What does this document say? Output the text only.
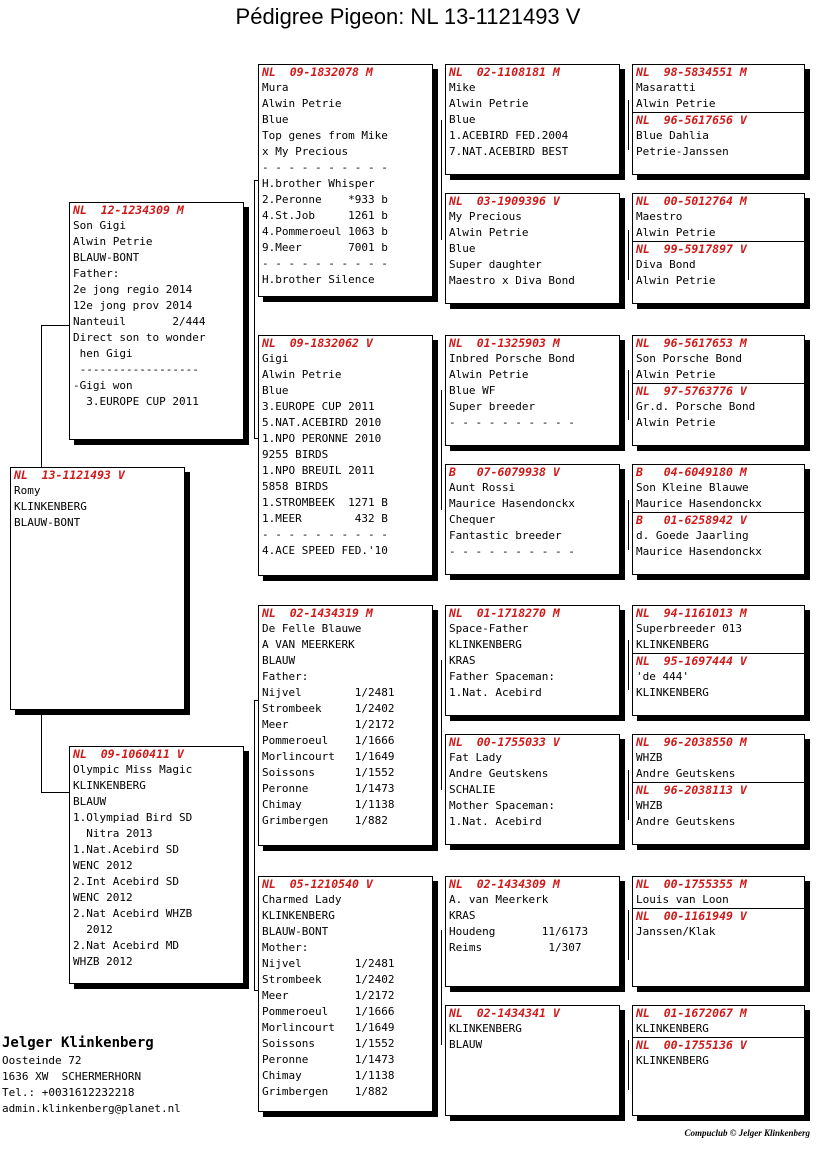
Pédigree Pigeon: NL 13-1121493 V
NL  13-1121493 V
Romy
KLINKENBERG
BLAUW-BONT
NL  12-1234309 M
Son Gigi
Alwin Petrie
BLAUW-BONT
Father:
2e jong regio 2014
12e jong prov 2014
Nanteuil       2/444
Direct son to wonder
hen Gigi
------------------
-Gigi won
3.EUROPE CUP 2011
NL  09-1060411 V
Olympic Miss Magic
KLINKENBERG
BLAUW
1.Olympiad Bird SD
Nitra 2013
1.Nat.Acebird SD
WENC 2012
2.Int Acebird SD
WENC 2012
2.Nat Acebird WHZB
2012
2.Nat Acebird MD
WHZB 2012
NL  09-1832078 M
Mura
Alwin Petrie
Blue
Top genes from Mike
x My Precious
- - - - - - - - - -
H.brother Whisper
2.Peronne    *933 b
4.St.Job     1261 b
4.Pommeroeul 1063 b
9.Meer       7001 b
- - - - - - - - - -
H.brother Silence
NL  09-1832062 V
Gigi
Alwin Petrie
Blue
3.EUROPE CUP 2011
5.NAT.ACEBIRD 2010
1.NPO PERONNE 2010
9255 BIRDS
1.NPO BREUIL 2011
5858 BIRDS
1.STROMBEEK  1271 B
1.MEER        432 B
- - - - - - - - - -
4.ACE SPEED FED.'10
NL  02-1434319 M
De Felle Blauwe
A VAN MEERKERK
BLAUW
Father:
Nijvel        1/2481
Strombeek     1/2402
Meer          1/2172
Pommeroeul    1/1666
Morlincourt   1/1649
Soissons      1/1552
Peronne       1/1473
Chimay        1/1138
Grimbergen    1/882
NL  05-1210540 V
Charmed Lady
KLINKENBERG
BLAUW-BONT
Mother:
Nijvel        1/2481
Strombeek     1/2402
Meer          1/2172
Pommeroeul    1/1666
Morlincourt   1/1649
Soissons      1/1552
Peronne       1/1473
Chimay        1/1138
Grimbergen    1/882
NL  02-1108181 M
Mike
Alwin Petrie
Blue
1.ACEBIRD FED.2004
7.NAT.ACEBIRD BEST
NL  03-1909396 V
My Precious
Alwin Petrie
Blue
Super daughter
Maestro x Diva Bond
NL  01-1325903 M
Inbred Porsche Bond
Alwin Petrie
Blue WF
Super breeder
- - - - - - - - - -
B   07-6079938 V
Aunt Rossi
Maurice Hasendonckx
Chequer
Fantastic breeder
- - - - - - - - - -
NL  01-1718270 M
Space-Father
KLINKENBERG
KRAS
Father Spaceman:
1.Nat. Acebird
NL  00-1755033 V
Fat Lady
Andre Geutskens
SCHALIE
Mother Spaceman:
1.Nat. Acebird
NL  02-1434309 M
A. van Meerkerk
KRAS
Houdeng       11/6173
Reims          1/307
NL  02-1434341 V
KLINKENBERG
BLAUW
NL  98-5834551 M
Masaratti
Alwin Petrie
NL  96-5617656 V
Blue Dahlia
Petrie-Janssen
NL  00-5012764 M
Maestro
Alwin Petrie
NL  99-5917897 V
Diva Bond
Alwin Petrie
NL  96-5617653 M
Son Porsche Bond
Alwin Petrie
NL  97-5763776 V
Gr.d. Porsche Bond
Alwin Petrie
B   04-6049180 M
Son Kleine Blauwe
Maurice Hasendonckx
B   01-6258942 V
d. Goede Jaarling
Maurice Hasendonckx
NL  94-1161013 M
Superbreeder 013
KLINKENBERG
NL  95-1697444 V
'de 444'
KLINKENBERG
NL  96-2038550 M
WHZB
Andre Geutskens
NL  96-2038113 V
WHZB
Andre Geutskens
NL  00-1755355 M
Louis van Loon
NL  00-1161949 V
Janssen/Klak
NL  01-1672067 M
KLINKENBERG
NL  00-1755136 V
KLINKENBERG
Jelger Klinkenberg
Oosteinde 72
1636 XW  SCHERMERHORN
Tel.: +0031612232218
admin.klinkenberg@planet.nl
Compuclub © Jelger Klinkenberg
